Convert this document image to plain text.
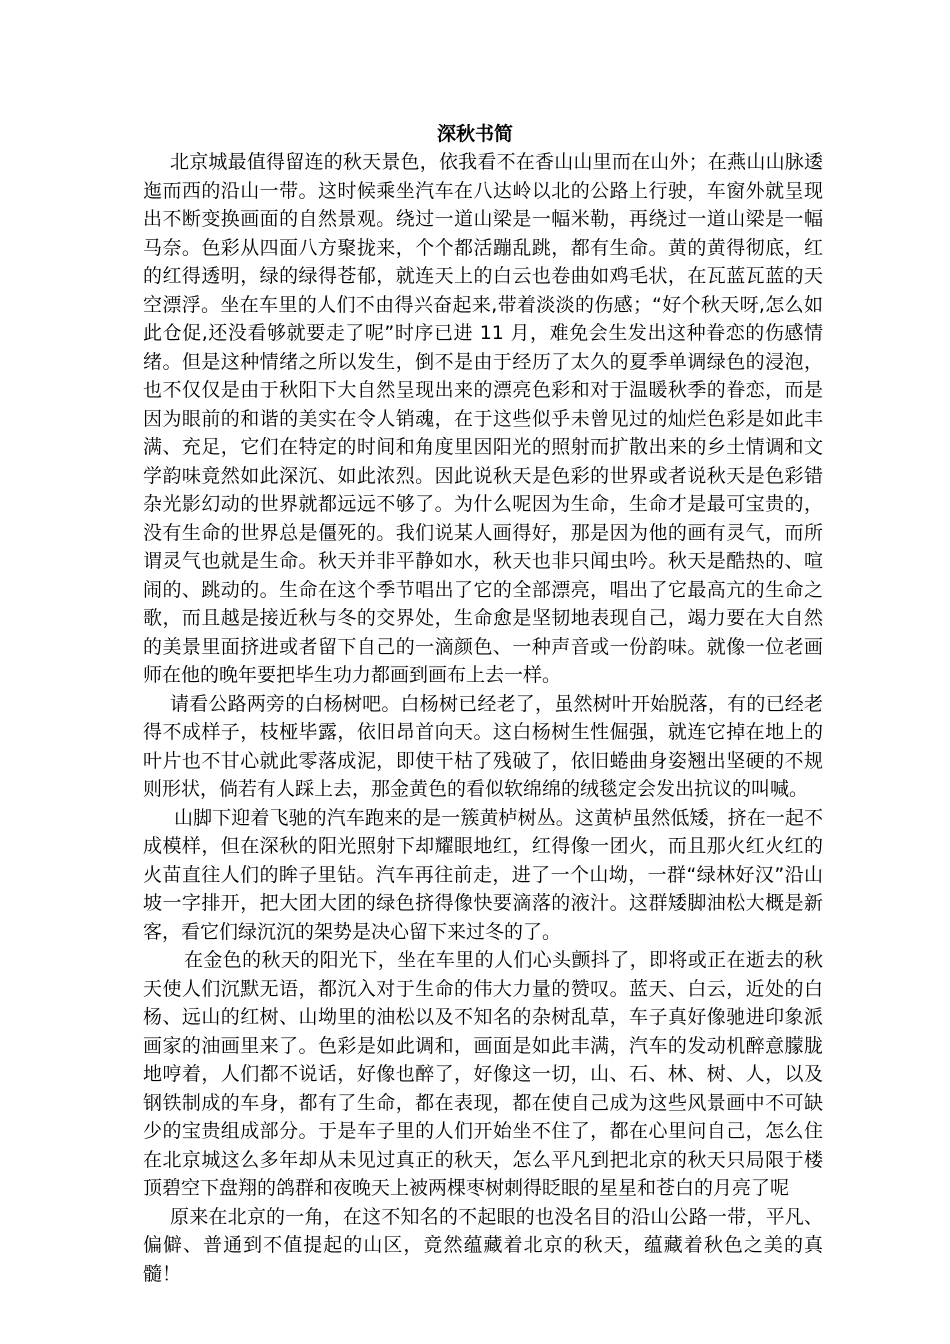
深秋书简

北京城最值得留连的秋天景色，依我看不在香山山里而在山外；在燕山山脉逶迤而西的沿山一带。这时候乘坐汽车在八达岭以北的公路上行驶，车窗外就呈现出不断变换画面的自然景观。绕过一道山梁是一幅米勒，再绕过一道山梁是一幅马奈。色彩从四面八方聚拢来，个个都活蹦乱跳，都有生命。黄的黄得彻底，红的红得透明，绿的绿得苍郁，就连天上的白云也卷曲如鸡毛状，在瓦蓝瓦蓝的天空漂浮。坐在车里的人们不由得兴奋起来,带着淡淡的伤感；“好个秋天呀,怎么如此仓促,还没看够就要走了呢”时序已进 11 月，难免会生发出这种眷恋的伤感情绪。但是这种情绪之所以发生，倒不是由于经历了太久的夏季单调绿色的浸泡，也不仅仅是由于秋阳下大自然呈现出来的漂亮色彩和对于温暖秋季的眷恋，而是因为眼前的和谐的美实在令人销魂，在于这些似乎未曾见过的灿烂色彩是如此丰满、充足，它们在特定的时间和角度里因阳光的照射而扩散出来的乡土情调和文学韵味竟然如此深沉、如此浓烈。因此说秋天是色彩的世界或者说秋天是色彩错杂光影幻动的世界就都远远不够了。为什么呢因为生命，生命才是最可宝贵的，没有生命的世界总是僵死的。我们说某人画得好，那是因为他的画有灵气，而所谓灵气也就是生命。秋天并非平静如水，秋天也非只闻虫吟。秋天是酷热的、喧闹的、跳动的。生命在这个季节唱出了它的全部漂亮，唱出了它最高亢的生命之歌，而且越是接近秋与冬的交界处，生命愈是坚韧地表现自己，竭力要在大自然的美景里面挤进或者留下自己的一滴颜色、一种声音或一份韵味。就像一位老画师在他的晚年要把毕生功力都画到画布上去一样。

请看公路两旁的白杨树吧。白杨树已经老了，虽然树叶开始脱落，有的已经老得不成样子，枝桠毕露，依旧昂首向天。这白杨树生性倔强，就连它掉在地上的叶片也不甘心就此零落成泥，即使干枯了残破了，依旧蜷曲身姿翘出坚硬的不规则形状，倘若有人踩上去，那金黄色的看似软绵绵的绒毯定会发出抗议的叫喊。

山脚下迎着飞驰的汽车跑来的是一簇黄栌树丛。这黄栌虽然低矮，挤在一起不成模样，但在深秋的阳光照射下却耀眼地红，红得像一团火，而且那火红火红的火苗直往人们的眸子里钻。汽车再往前走，进了一个山坳，一群“绿林好汉”沿山坡一字排开，把大团大团的绿色挤得像快要滴落的液汁。这群矮脚油松大概是新客，看它们绿沉沉的架势是决心留下来过冬的了。

在金色的秋天的阳光下，坐在车里的人们心头颤抖了，即将或正在逝去的秋天使人们沉默无语，都沉入对于生命的伟大力量的赞叹。蓝天、白云，近处的白杨、远山的红树、山坳里的油松以及不知名的杂树乱草，车子真好像驰进印象派画家的油画里来了。色彩是如此调和，画面是如此丰满，汽车的发动机醉意朦胧地哼着，人们都不说话，好像也醉了，好像这一切，山、石、林、树、人，以及钢铁制成的车身，都有了生命，都在表现，都在使自己成为这些风景画中不可缺少的宝贵组成部分。于是车子里的人们开始坐不住了，都在心里问自己，怎么住在北京城这么多年却从未见过真正的秋天，怎么平凡到把北京的秋天只局限于楼顶碧空下盘翔的鸽群和夜晚天上被两棵枣树刺得眨眼的星星和苍白的月亮了呢

原来在北京的一角，在这不知名的不起眼的也没名目的沿山公路一带，平凡、偏僻、普通到不值提起的山区，竟然蕴藏着北京的秋天，蕴藏着秋色之美的真髓！
